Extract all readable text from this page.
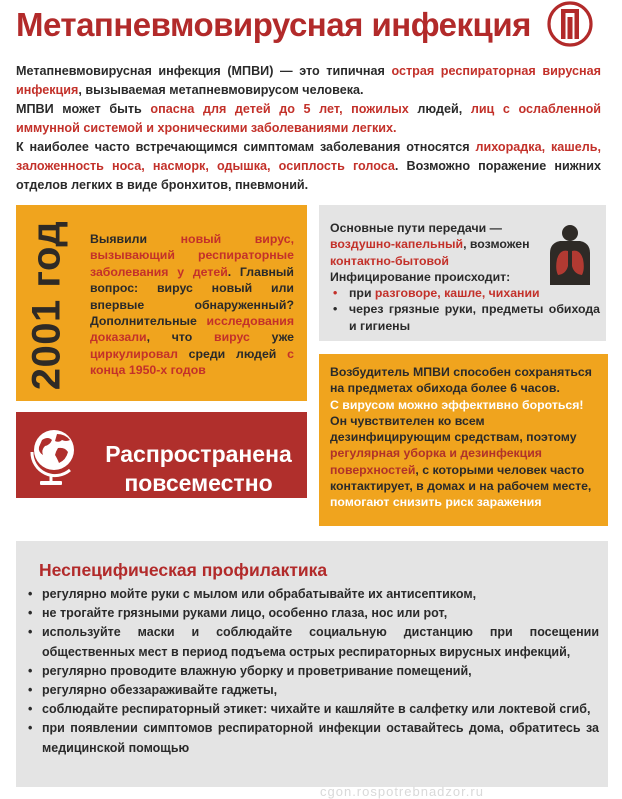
Метапневмовирусная инфекция

Метапневмовирусная инфекция (МПВИ) — это типичная острая респираторная вирусная инфекция, вызываемая метапневмовирусом человека.

МПВИ может быть опасна для детей до 5 лет, пожилых людей, лиц с ослабленной иммунной системой и хроническими заболеваниями легких.

К наиболее часто встречающимся симптомам заболевания относятся лихорадка, кашель, заложенность носа, насморк, одышка, осиплость голоса. Возможно поражение нижних отделов легких в виде бронхитов, пневмоний.

2001 год Выявили новый вирус, вызывающий респираторные заболевания у детей. Главный вопрос: вирус новый или впервые обнаруженный? Дополнительные исследования доказали, что вирус уже циркулировал среди людей с конца 1950-х годов
Распространена
повсеместно
Основные пути передачи — воздушно-капельный, возможен контактно-бытовой
Инфицирование происходит:
• при разговоре, кашле, чихании
• через грязные руки, предметы обихода и гигиены
Возбудитель МПВИ способен сохраняться на предметах обихода более 6 часов.
С вирусом можно эффективно бороться!
Он чувствителен ко всем дезинфицирующим средствам, поэтому регулярная уборка и дезинфекция поверхностей, с которыми человек часто контактирует, в домах и на рабочем месте, помогают снизить риск заражения
Неспецифическая профилактика
• регулярно мойте руки с мылом или обрабатывайте их антисептиком,
• не трогайте грязными руками лицо, особенно глаза, нос или рот,
• используйте маски и соблюдайте социальную дистанцию при посещении общественных мест в период подъема острых респираторных вирусных инфекций,
• регулярно проводите влажную уборку и проветривание помещений,
• регулярно обеззараживайте гаджеты,
• соблюдайте респираторный этикет: чихайте и кашляйте в салфетку или локтевой сгиб,
• при появлении симптомов респираторной инфекции оставайтесь дома, обратитесь за медицинской помощью
cgon.rospotrebnadzor.ru
